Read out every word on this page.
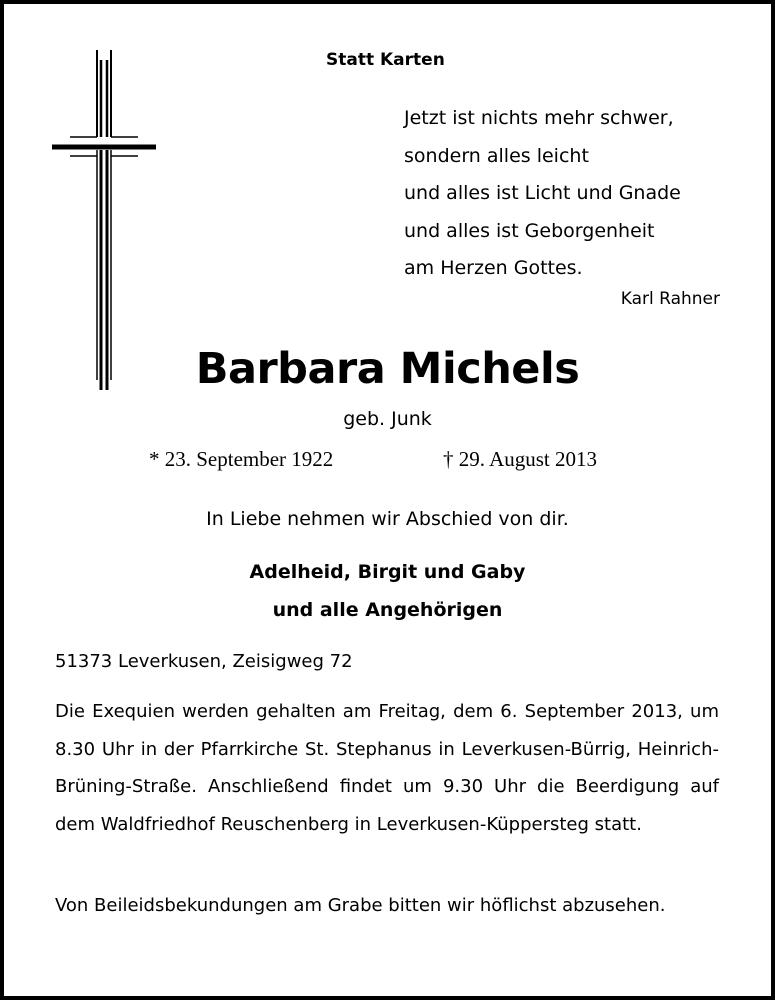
Statt Karten
Jetzt ist nichts mehr schwer,
sondern alles leicht
und alles ist Licht und Gnade
und alles ist Geborgenheit
am Herzen Gottes.
Karl Rahner
Barbara Michels
geb. Junk
* 23. September 1922	† 29. August 2013
In Liebe nehmen wir Abschied von dir.
Adelheid, Birgit und Gaby
und alle Angehörigen
51373 Leverkusen, Zeisigweg 72
Die Exequien werden gehalten am Freitag, dem 6. September 2013, um 8.30 Uhr in der Pfarrkirche St. Stephanus in Leverkusen-Bürrig, Heinrich-Brüning-Straße. Anschließend findet um 9.30 Uhr die Beerdigung auf dem Waldfriedhof Reuschenberg in Leverkusen-Küppersteg statt.
Von Beileidsbekundungen am Grabe bitten wir höflichst abzusehen.
